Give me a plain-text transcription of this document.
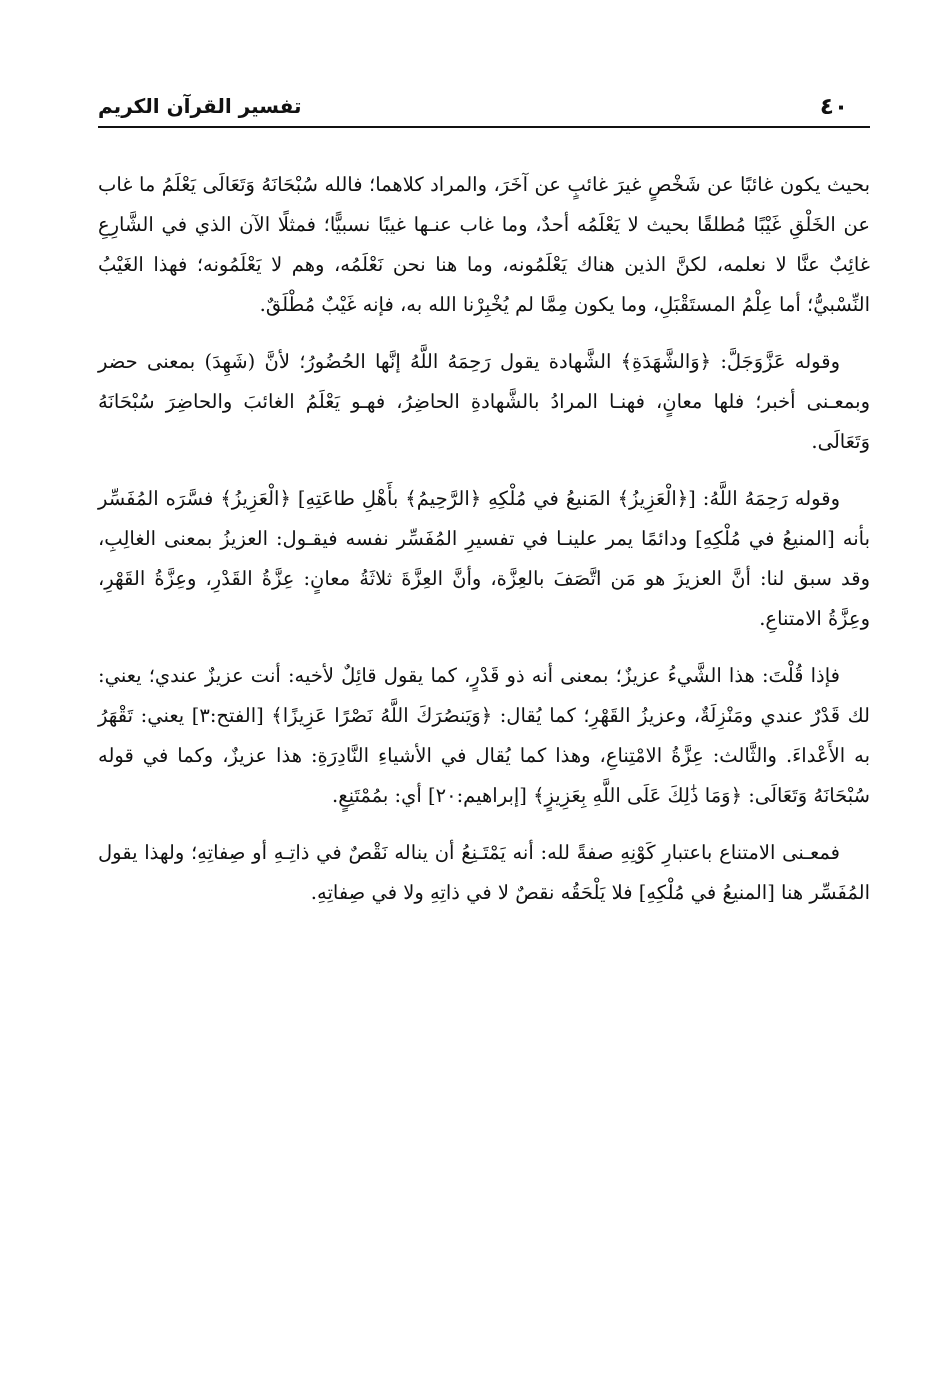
٤٠
تفسير القرآن الكريم

بحيث يكون غائبًا عن شَخْصٍ غيرَ غائبٍ عن آخَرَ، والمراد كلاهما؛ فالله سُبْحَانَهُ وَتَعَالَى يَعْلَمُ ما غاب عن الخَلْقِ غَيْبًا مُطلقًا بحيث لا يَعْلَمُه أحدٌ، وما غاب عنـها غيبًا نسبيًّا؛ فمثلًا الآن الذي في الشَّارِعِ غائِبٌ عنَّا لا نعلمه، لكنَّ الذين هناك يَعْلَمُونه، وما هنا نحن نَعْلَمُه، وهم لا يَعْلَمُونه؛ فهذا الغَيْبُ النِّسْبيُّ؛ أما عِلْمُ المستَقْبَلِ، وما يكون مِمَّا لم يُخْبِرْنا الله به، فإنه غَيْبٌ مُطْلَقٌ.

وقوله عَزَّوَجَلَّ: ﴿وَالشَّهَدَةِ﴾ الشَّهادة يقول رَحِمَهُ اللَّهُ إنَّها الحُضُورُ؛ لأنَّ (شَهِدَ) بمعنى حضر وبمعـنى أخبر؛ فلها معانٍ، فهنـا المرادُ بالشَّهادةِ الحاضِرُ، فهـو يَعْلَمُ الغائبَ والحاضِرَ سُبْحَانَهُ وَتَعَالَى.

وقوله رَحِمَهُ اللَّهُ: [﴿الْعَزِيزُ﴾ المَنيعُ في مُلْكِهِ ﴿الرَّحِيمُ﴾ بأَهْلِ طاعَتِهِ] ﴿الْعَزِيزُ﴾ فسَّرَه المُفَسِّر بأنه [المنيعُ في مُلْكِهِ] ودائمًا يمر علينـا في تفسيرِ المُفَسِّر نفسه فيقـول: العزيزُ بمعنى الغالِبِ، وقد سبق لنا: أنَّ العزيزَ هو مَن اتَّصَفَ بالعِزَّة، وأنَّ العِزَّةَ ثلاثَةُ معانٍ: عِزَّةُ القَدْرِ، وعِزَّةُ القَهْرِ، وعِزَّةُ الامتناعِ.

فإذا قُلْتَ: هذا الشَّيءُ عزيزٌ؛ بمعنى أنه ذو قَدْرٍ، كما يقول قائِلٌ لأخيه: أنت عزيزٌ عندي؛ يعني: لك قَدْرٌ عندي ومَنْزِلَةٌ، وعزيزُ القَهْرِ؛ كما يُقال: ﴿وَيَنصُرَكَ اللَّهُ نَصْرًا عَزِيزًا﴾ [الفتح:٣] يعني: تَقْهَرُ به الأَعْداءَ. والثَّالث: عِزَّةُ الامْتِناعِ، وهذا كما يُقال في الأشياءِ النَّادِرَةِ: هذا عزيزٌ، وكما في قوله سُبْحَانَهُ وَتَعَالَى: ﴿وَمَا ذَٰلِكَ عَلَى اللَّهِ بِعَزِيزٍ﴾ [إبراهيم:٢٠] أي: بمُمْتَنِعٍ.

فمعـنى الامتناع باعتبارِ كَوْنِهِ صفةً لله: أنه يَمْتَـنِعُ أن يناله نَقْصٌ في ذاتِـهِ أو صِفاتِهِ؛ ولهذا يقول المُفَسِّر هنا [المنيعُ في مُلْكِهِ] فلا يَلْحَقُه نقصٌ لا في ذاتِهِ ولا في صِفاتِهِ.
